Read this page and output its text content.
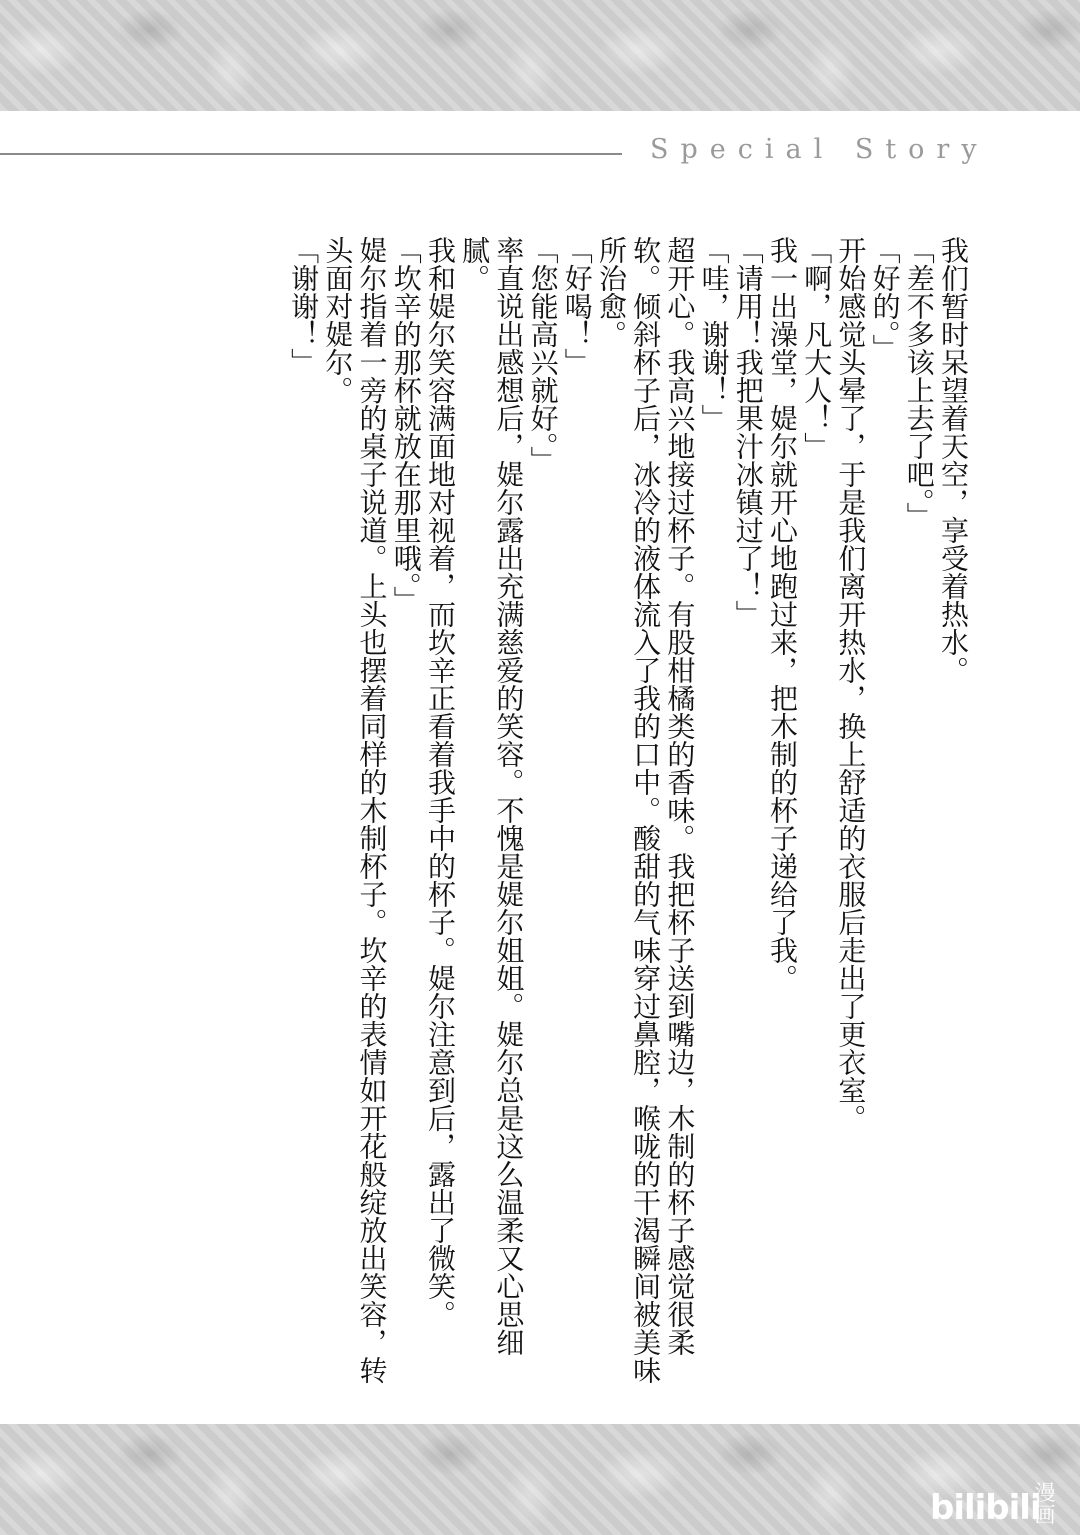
Special Story

我们暂时呆望着天空，享受着热水。

「差不多该上去了吧。」

「好的。」

开始感觉头晕了，于是我们离开热水，换上舒适的衣服后走出了更衣室。

「啊，凡大人！」

我一出澡堂，媞尔就开心地跑过来，把木制的杯子递给了我。

「请用！我把果汁冰镇过了！」

「哇，谢谢！」

超开心。我高兴地接过杯子。有股柑橘类的香味。我把杯子送到嘴边，木制的杯子感觉很柔软。倾斜杯子后，冰冷的液体流入了我的口中。酸甜的气味穿过鼻腔，喉咙的干渴瞬间被美味所治愈。

「好喝！」

「您能高兴就好。」

率直说出感想后，媞尔露出充满慈爱的笑容。不愧是媞尔姐姐。媞尔总是这么温柔又心思细腻。

我和媞尔笑容满面地对视着，而坎辛正看着我手中的杯子。媞尔注意到后，露出了微笑。

「坎辛的那杯就放在那里哦。」

媞尔指着一旁的桌子说道。上头也摆着同样的木制杯子。坎辛的表情如开花般绽放出笑容，转头面对媞尔。

「谢谢！」

bilibili
漫画
